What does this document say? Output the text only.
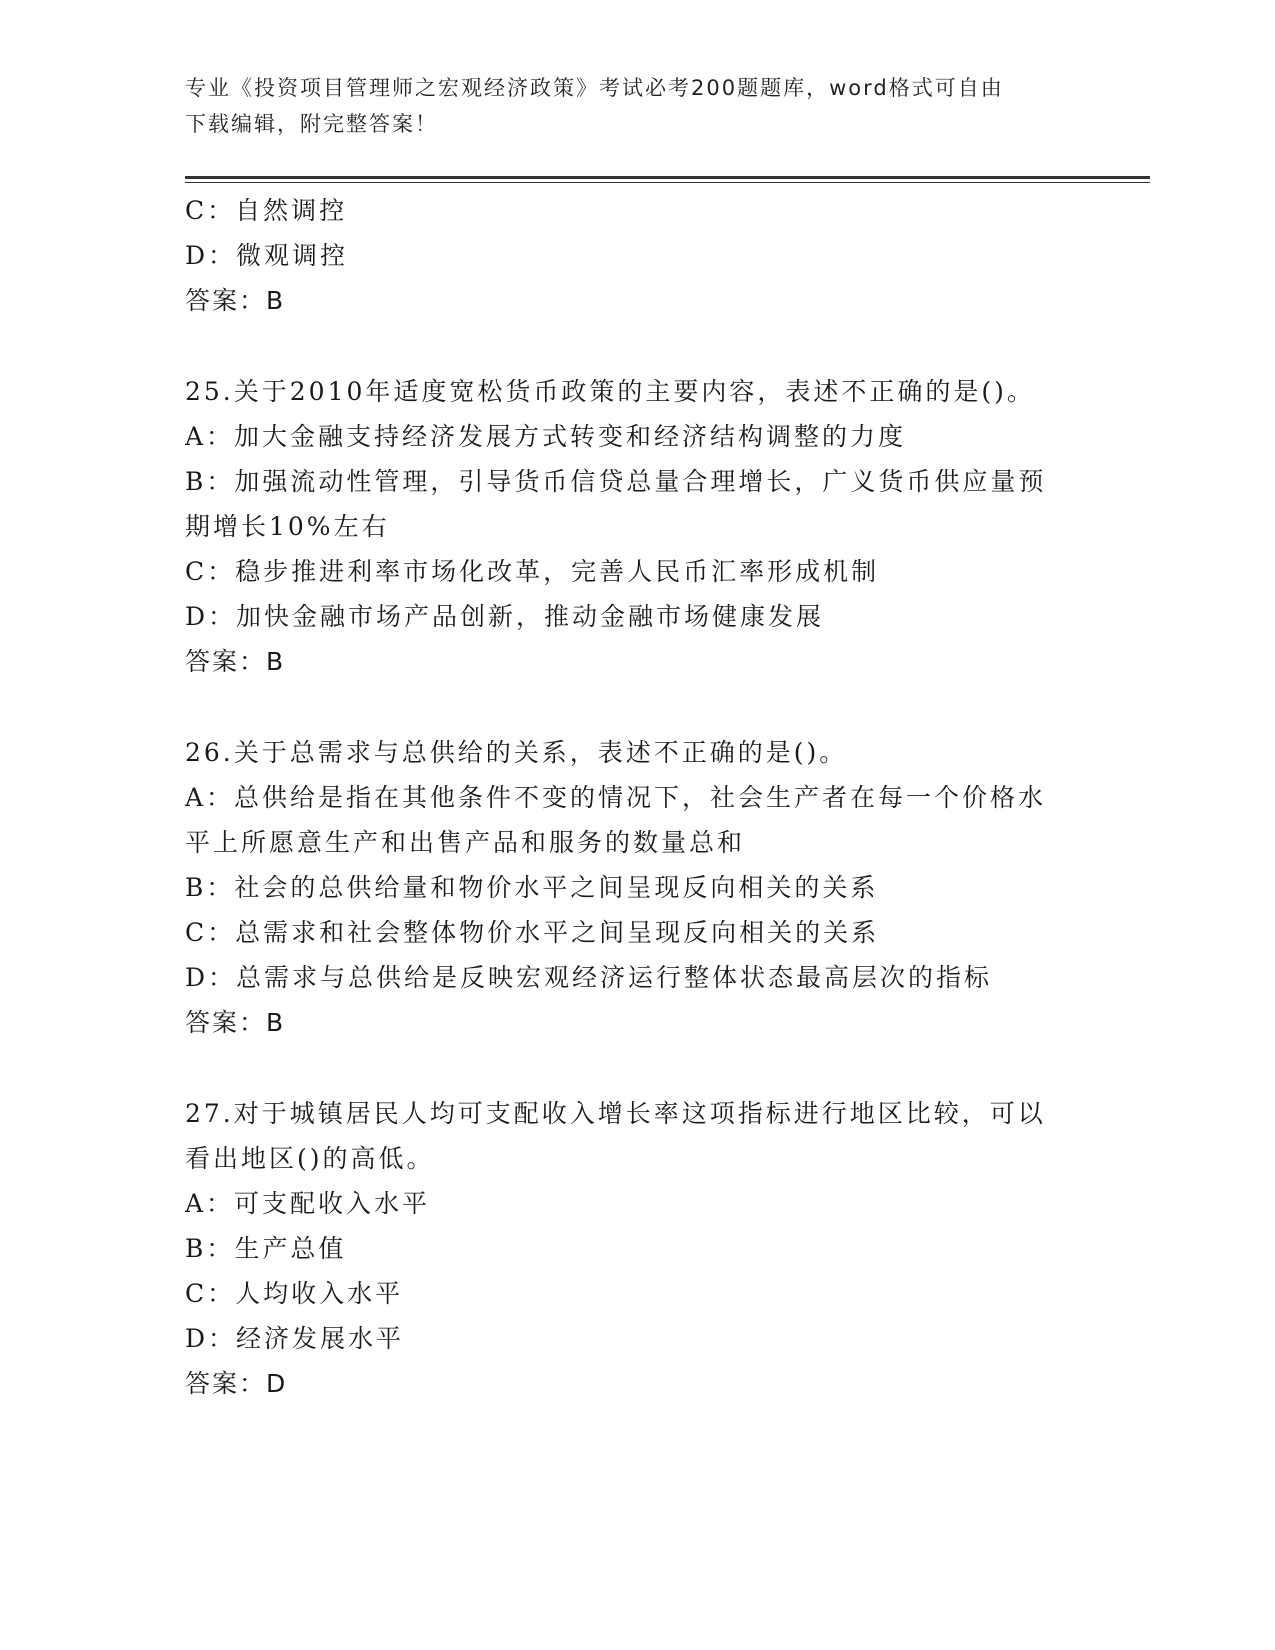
专业《投资项目管理师之宏观经济政策》考试必考200题题库，word格式可自由
下载编辑，附完整答案！
C：自然调控
D：微观调控
答案：B
25.关于2010年适度宽松货币政策的主要内容，表述不正确的是()。
A：加大金融支持经济发展方式转变和经济结构调整的力度
B：加强流动性管理，引导货币信贷总量合理增长，广义货币供应量预
期增长10%左右
C：稳步推进利率市场化改革，完善人民币汇率形成机制
D：加快金融市场产品创新，推动金融市场健康发展
答案：B
26.关于总需求与总供给的关系，表述不正确的是()。
A：总供给是指在其他条件不变的情况下，社会生产者在每一个价格水
平上所愿意生产和出售产品和服务的数量总和
B：社会的总供给量和物价水平之间呈现反向相关的关系
C：总需求和社会整体物价水平之间呈现反向相关的关系
D：总需求与总供给是反映宏观经济运行整体状态最高层次的指标
答案：B
27.对于城镇居民人均可支配收入增长率这项指标进行地区比较，可以
看出地区()的高低。
A：可支配收入水平
B：生产总值
C：人均收入水平
D：经济发展水平
答案：D
